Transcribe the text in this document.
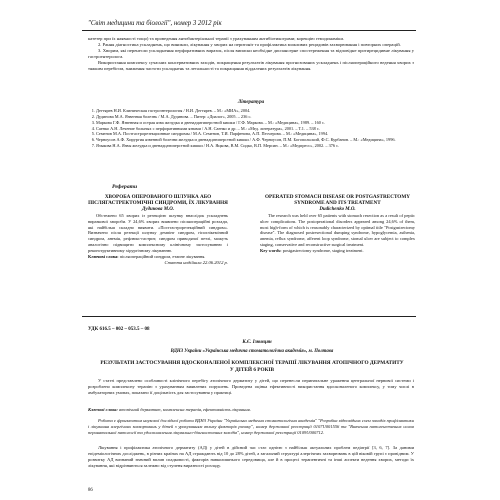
"Світ медицини та біології", номер 3 2012 рік

катетер при їх наявності тощо) та проведення антибактеріальної терапії з урахуванням антибіотикограми; корекцію гемодинаміки.

2. Рання діагностика ускладнень, що виникли, лікування у хворих на перитоніт та профілактика можливих рецидивів захворювання і повторних операцій.

3. Хворим, які перенесли ускладнення перфоративних виразок, після виписки необхідне диспансерне спостереження та відповідне протирецидивне лікування у гастроентеролога.

Використання комплексу сучасних консервативних заходів, покращення результатів лікування прогнозованих ускладнень і післяопераційного ведення хворих з тяжким перебігом, зниження частоти ускладнень та летальності та покращання віддалених результатів лікування.

Література
1. Дегтярев Н.И. Клиническая гастроэнтерология / Н.И. Дегтярев. – М.: «МИА», 2004.
2. Дудинова М.А. Язвенная болезнь / М.А. Дудинова. – Питер: «Диалог», 2005. – 236 с.
3. Маркова Г.Ф. Язвенная и острая язва желудка и двенадцатиперстной кишки / Г.Ф. Маркова. – М.: «Медицина», 1989. – 160 с.
4. Саенко А.Н. Лечение больных с перфоративными язвами / А.Н. Саенко и др. – М.: «Мед. литература», 2001. – Т.1. – 538 с.
5. Семенов М.А. Постгастрорезекционные синдромы / М.А. Семенов, Т.И. Парфенова, А.П. Песчерова. – М.: «Медицина», 1994.
6. Черноусов А.Ф. Хирургия язвенной болезни желудка и двенадцатиперстной кишки / А.Ф. Черноусов, П.М. Богопольский, Ф.С. Курбанов. – М.: «Медицина», 1996.
7. Языкова Н.А. Язвы желудка и двенадцатиперстной кишки / Н.А. Яцкова, В.М. Сидко, В.П. Мерсин. – М.: «Медпресс», 2002. – 376 с.
Реферати
ХВОРОБА ОПЕРОВАНОГО ШЛУНКА АБО ПІСЛЯГАСТРЕКТОМІЧНІ СИНДРОМИ, ЇХ ЛІКУВАННЯ
Дудинова М.О.
Обстежено 65 хворих із резекцією шлунку внаслідок ускладнень виразкової хвороби. У 24,6% хворих виявлено післяопераційні розлади, які найбільш складно виявити. «Постгастрорезекційний синдром». Визначено після резекції шлунку демпінг синдром, гіпоглікемічний синдром, анемія, рефлюкс-гастрит, синдром приводячої петлі, можуть аналогічно підвищити комплексному клінічному застосуванню і реконструктивному хірургічному лікуванню.
Ключові слова: післяопераційний синдром, етапне лікування.
Стаття надійшла 22.06.2012 р.
OPERATED STOMACH DISEASE OR POSTGASTRECTOMY SYNDROME AND ITS TREATMENT
Dudichenko M.O.
The research was held over 65 patients with stomach resection as a result of peptic ulcer complications. The postoperational disorders appeared among 24,6% of them, most high-form of which is reasonably characterized by optimal title "Postgastrectomy disease". The diagnosed postresectional dumping syndrome, hypoglycemia, asthenia, anemia, reflux syndrome, afferent loop syndrome, stomal ulcer are subject to complex staging, conservative and reconstructive surgical treatment.
Key words: postgastrectomy syndrome, staging treatment.
УДК 616.5 – 002 – 053.5 – 08
К.Є. Ізюмцян
ВДНЗ України «Українська медична стоматологічна академія», м. Полтава
РЕЗУЛЬТАТИ ЗАСТОСУВАННЯ ВДОСКОНАЛЕНОЇ КОМПЛЕКСНОЇ ТЕРАПІЇ ЛІКУВАННЯ АТОПІЧНОГО ДЕРМАТИТУ У ДІТЕЙ 6 РОКІВ
У статті представлено особливості клінічного перебігу атопічного дерматиту у дітей, що перенесли перинатальне ураження центральної нервової системи і розроблено комплексну терапію з урахуванням виявлених порушень. Проведена оцінка ефективності використання вдосконаленого комплексу, у тому числі в амбулаторних умовах, показано її доцільність для застосування у практиці.
Ключові слова: атопічний дерматит, комплексна терапія, ефективність лікування.
Робота є фрагментом наукової дослідної роботи ВДНЗ України "Українська медична стоматологічна академія" "Розробка відповідних схем заходів профілактики і лікування алергічних захворювань у дітей з урахуванням впливу факторів ризику", номер державної реєстрації 0107U001556 та "Вивчення патогенетичних основ перинатальної патології та удосконалення лікувально-діагностичних заходів", номер державної реєстрації 0109U000712.
Лікування і профілактика атопічного дерматиту (АД) у дітей в дійсний час стає однією з найбільш актуальних проблем педіатрії [3, 6, 7]. За даними епідеміологічних досліджень, в різних країнах на АД страждають від 10 до 28% дітей, а загальний структурі алергічних захворювань в цій віковій групі є провідним. У розвитку АД визнаний значний вплив спадковості, факторів навколишнього середовища, але й в процесі терапевтичні та інші аспекти ведення хворих, методи їх лікування, які відрізняються залежно від ступеня виразності розладу.
86
